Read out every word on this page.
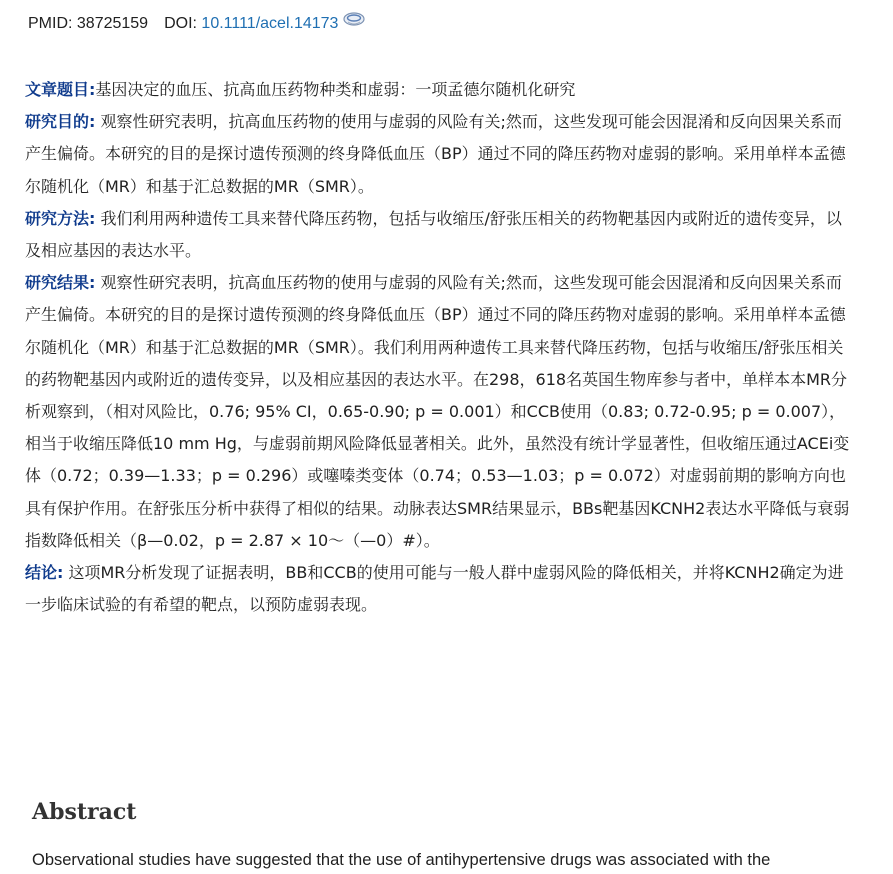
PMID: 38725159 DOI: 10.1111/acel.14173

文章题目:基因决定的血压、抗高血压药物种类和虚弱：一项孟德尔随机化研究

研究目的: 观察性研究表明，抗高血压药物的使用与虚弱的风险有关;然而，这些发现可能会因混淆和反向因果关系而产生偏倚。本研究的目的是探讨遗传预测的终身降低血压（BP）通过不同的降压药物对虚弱的影响。采用单样本孟德尔随机化（MR）和基于汇总数据的MR（SMR）。

研究方法: 我们利用两种遗传工具来替代降压药物，包括与收缩压/舒张压相关的药物靶基因内或附近的遗传变异，以及相应基因的表达水平。

研究结果: 观察性研究表明，抗高血压药物的使用与虚弱的风险有关;然而，这些发现可能会因混淆和反向因果关系而产生偏倚。本研究的目的是探讨遗传预测的终身降低血压（BP）通过不同的降压药物对虚弱的影响。采用单样本孟德尔随机化（MR）和基于汇总数据的MR（SMR）。我们利用两种遗传工具来替代降压药物，包括与收缩压/舒张压相关的药物靶基因内或附近的遗传变异，以及相应基因的表达水平。在298，618名英国生物库参与者中，单样本本MR分析观察到，（相对风险比，0.76; 95% CI，0.65-0.90; p = 0.001）和CCB使用（0.83; 0.72-0.95; p = 0.007），相当于收缩压降低10 mm Hg，与虚弱前期风险降低显著相关。此外，虽然没有统计学显著性，但收缩压通过ACEi变体（0.72；0.39—1.33；p = 0.296）或噻嗪类变体（0.74；0.53—1.03；p = 0.072）对虚弱前期的影响方向也具有保护作用。在舒张压分析中获得了相似的结果。动脉表达SMR结果显示，BBs靶基因KCNH2表达水平降低与衰弱指数降低相关（β—0.02，p = 2.87 × 10～（—0）#）。

结论: 这项MR分析发现了证据表明，BB和CCB的使用可能与一般人群中虚弱风险的降低相关，并将KCNH2确定为进一步临床试验的有希望的靶点，以预防虚弱表现。

Abstract

Observational studies have suggested that the use of antihypertensive drugs was associated with the
